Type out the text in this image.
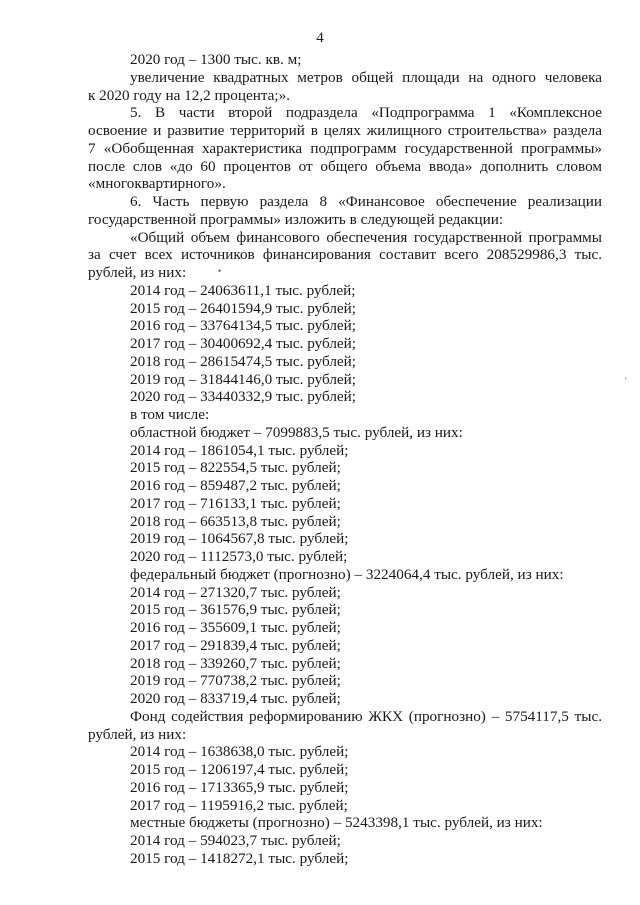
4
2020 год – 1300 тыс. кв. м;
увеличение квадратных метров общей площади на одного человека
к 2020 году на 12,2 процента;».
5. В части второй подраздела «Подпрограмма 1 «Комплексное
освоение и развитие территорий в целях жилищного строительства» раздела
7 «Обобщенная характеристика подпрограмм государственной программы»
после слов «до 60 процентов от общего объема ввода» дополнить словом
«многоквартирного».
6. Часть первую раздела 8 «Финансовое обеспечение реализации
государственной программы» изложить в следующей редакции:
«Общий объем финансового обеспечения государственной программы
за счет всех источников финансирования составит всего 208529986,3 тыс.
рублей, из них:
2014 год – 24063611,1 тыс. рублей;
2015 год – 26401594,9 тыс. рублей;
2016 год – 33764134,5 тыс. рублей;
2017 год – 30400692,4 тыс. рублей;
2018 год – 28615474,5 тыс. рублей;
2019 год – 31844146,0 тыс. рублей;
2020 год – 33440332,9 тыс. рублей;
в том числе:
областной бюджет – 7099883,5 тыс. рублей, из них:
2014 год – 1861054,1 тыс. рублей;
2015 год – 822554,5 тыс. рублей;
2016 год – 859487,2 тыс. рублей;
2017 год – 716133,1 тыс. рублей;
2018 год – 663513,8 тыс. рублей;
2019 год – 1064567,8 тыс. рублей;
2020 год – 1112573,0 тыс. рублей;
федеральный бюджет (прогнозно) – 3224064,4 тыс. рублей, из них:
2014 год – 271320,7 тыс. рублей;
2015 год – 361576,9 тыс. рублей;
2016 год – 355609,1 тыс. рублей;
2017 год – 291839,4 тыс. рублей;
2018 год – 339260,7 тыс. рублей;
2019 год – 770738,2 тыс. рублей;
2020 год – 833719,4 тыс. рублей;
Фонд содействия реформированию ЖКХ (прогнозно) – 5754117,5 тыс.
рублей, из них:
2014 год – 1638638,0 тыс. рублей;
2015 год – 1206197,4 тыс. рублей;
2016 год – 1713365,9 тыс. рублей;
2017 год – 1195916,2 тыс. рублей;
местные бюджеты (прогнозно) – 5243398,1 тыс. рублей, из них:
2014 год – 594023,7 тыс. рублей;
2015 год – 1418272,1 тыс. рублей;
•
'
